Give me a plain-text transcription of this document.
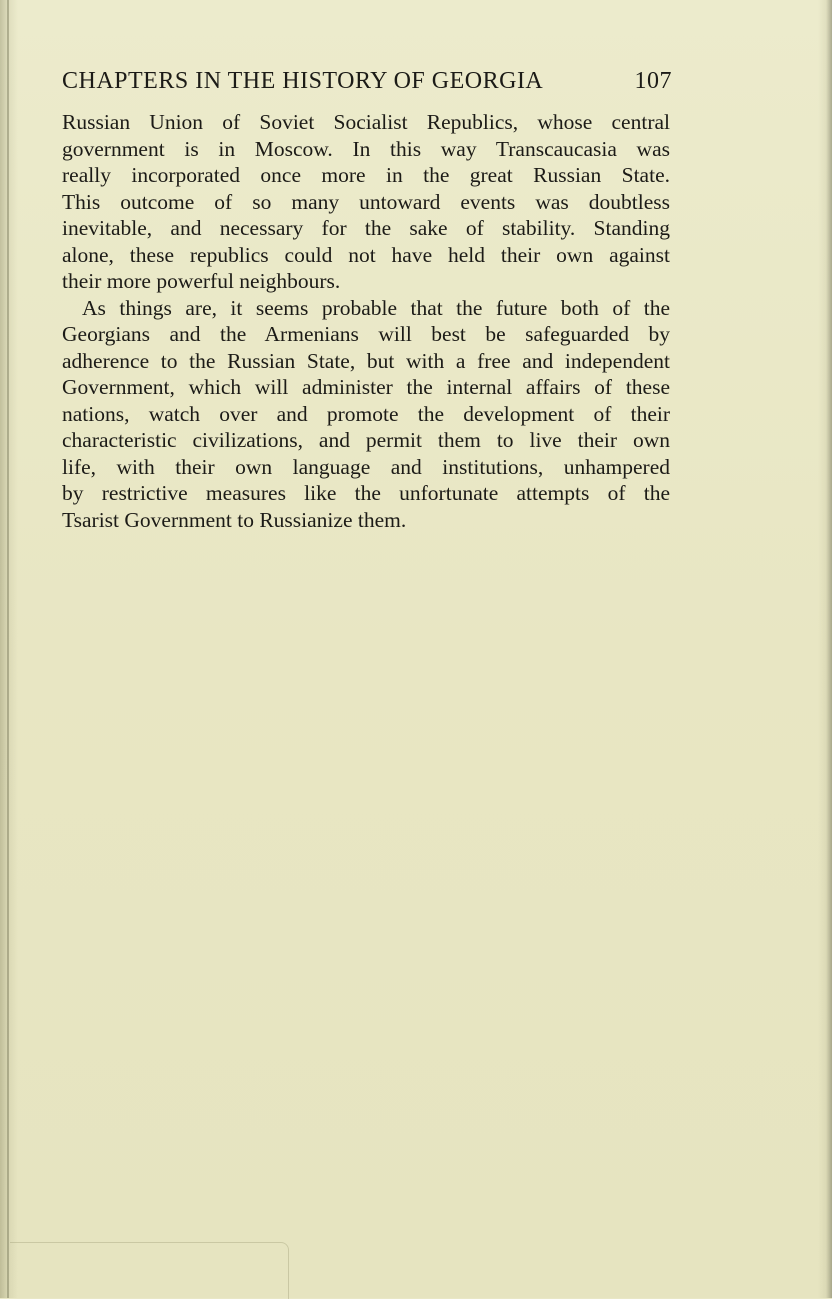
CHAPTERS IN THE HISTORY OF GEORGIA	107
Russian Union of Soviet Socialist Republics, whose central
government is in Moscow. In this way Transcaucasia was
really incorporated once more in the great Russian State.
This outcome of so many untoward events was doubtless
inevitable, and necessary for the sake of stability. Standing
alone, these republics could not have held their own against
their more powerful neighbours.
As things are, it seems probable that the future both of the
Georgians and the Armenians will best be safeguarded by
adherence to the Russian State, but with a free and independent
Government, which will administer the internal affairs of these
nations, watch over and promote the development of their
characteristic civilizations, and permit them to live their own
life, with their own language and institutions, unhampered
by restrictive measures like the unfortunate attempts of the
Tsarist Government to Russianize them.
